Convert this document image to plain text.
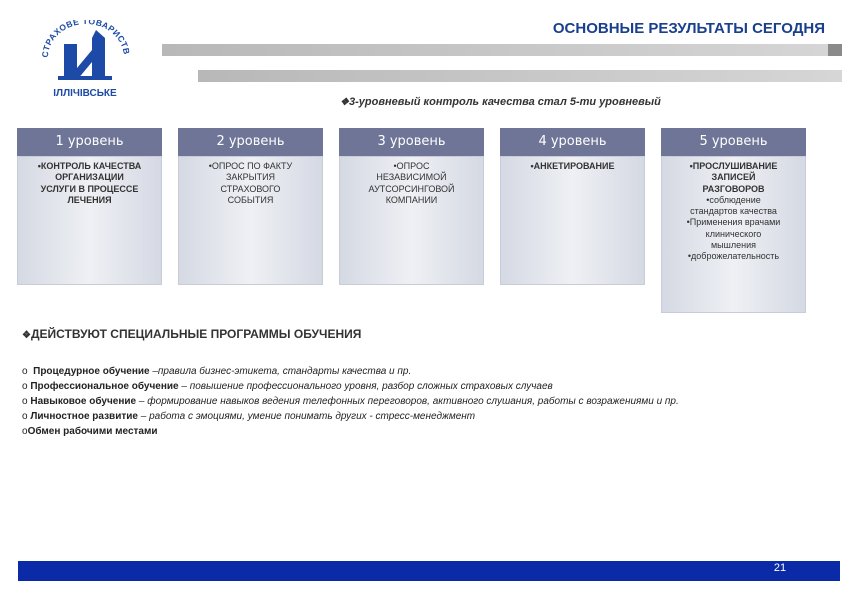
ОСНОВНЫЕ РЕЗУЛЬТАТЫ СЕГОДНЯ
СТРАХОВЕ ТОВАРИСТВ
ІЛЛІЧІВСЬКЕ
❖3-уровневый контроль качества стал 5-ти уровневый
1 уровень
•КОНТРОЛЬ КАЧЕСТВА
ОРГАНИЗАЦИИ
УСЛУГИ В ПРОЦЕССЕ
ЛЕЧЕНИЯ
2 уровень
•ОПРОС ПО ФАКТУ
ЗАКРЫТИЯ
СТРАХОВОГО
СОБЫТИЯ
3 уровень
•ОПРОС
НЕЗАВИСИМОЙ
АУТСОРСИНГОВОЙ
КОМПАНИИ
4 уровень
•АНКЕТИРОВАНИЕ
5 уровень
•ПРОСЛУШИВАНИЕ
ЗАПИСЕЙ
РАЗГОВОРОВ
•соблюдение
стандартов качества
•Применения врачами
клинического
мышления
•доброжелательность
❖ДЕЙСТВУЮТ СПЕЦИАЛЬНЫЕ ПРОГРАММЫ ОБУЧЕНИЯ
o Процедурное обучение –правила бизнес-этикета, стандарты качества и пр.
o Профессиональное обучение – повышение профессионального уровня, разбор сложных страховых случаев
o Навыковое обучение – формирование навыков ведения телефонных переговоров, активного слушания, работы с возражениями и пр.
o Личностное развитие – работа с эмоциями, умение понимать других - стресс-менеджмент
oОбмен рабочими местами
21
